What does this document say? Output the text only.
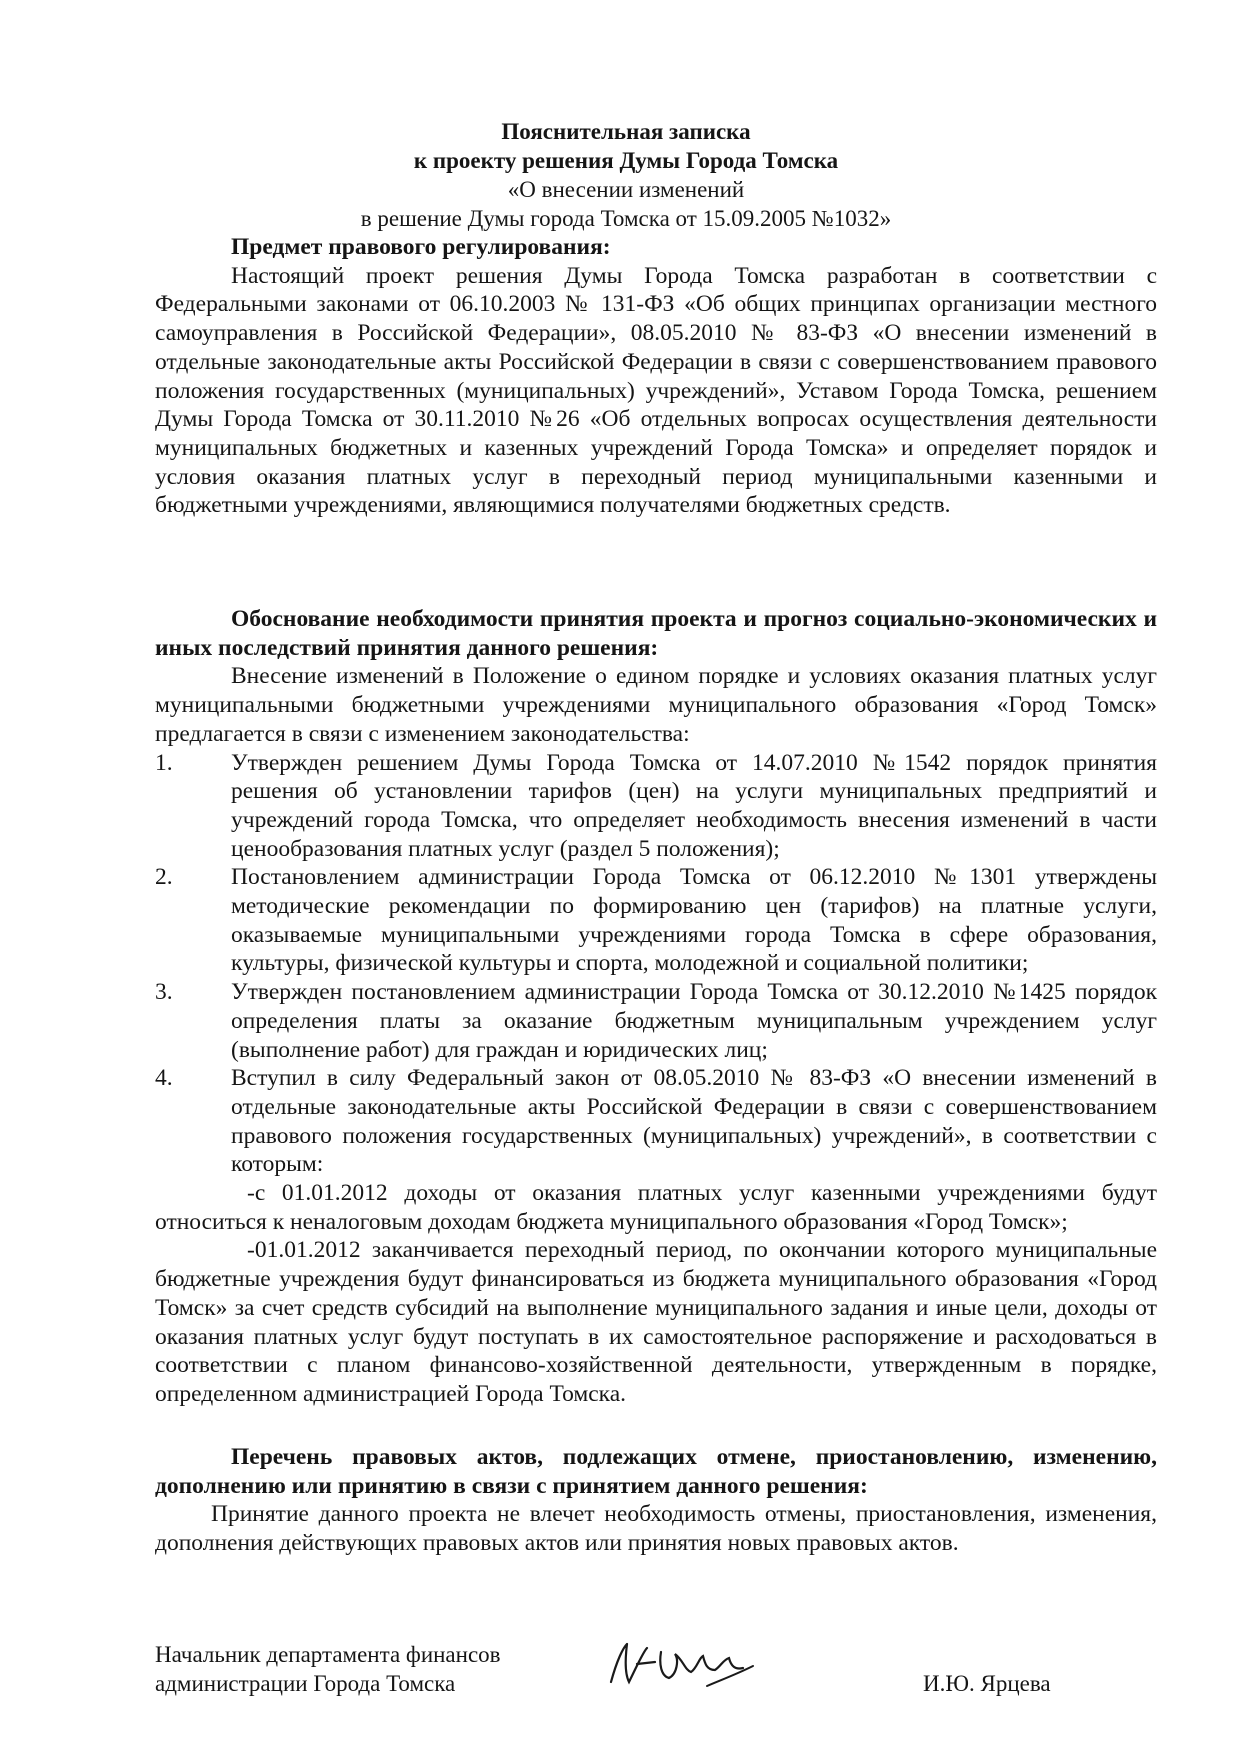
Пояснительная записка
к проекту решения Думы Города Томска
«О внесении изменений
в решение Думы города Томска от 15.09.2005 №1032»
Предмет правового регулирования:
Настоящий проект решения Думы Города Томска разработан в соответствии с Федеральными законами от 06.10.2003 № 131-ФЗ «Об общих принципах организации местного самоуправления в Российской Федерации», 08.05.2010 № 83-ФЗ «О внесении изменений в отдельные законодательные акты Российской Федерации в связи с совершенствованием правового положения государственных (муниципальных) учреждений», Уставом Города Томска, решением Думы Города Томска от 30.11.2010 №26 «Об отдельных вопросах осуществления деятельности муниципальных бюджетных и казенных учреждений Города Томска» и определяет порядок и условия оказания платных услуг в переходный период муниципальными казенными и бюджетными учреждениями, являющимися получателями бюджетных средств.
Обоснование необходимости принятия проекта и прогноз социально-экономических и иных последствий принятия данного решения:
Внесение изменений в Положение о едином порядке и условиях оказания платных услуг муниципальными бюджетными учреждениями муниципального образования «Город Томск» предлагается в связи с изменением законодательства:
1.	Утвержден решением Думы Города Томска от 14.07.2010 №1542 порядок принятия решения об установлении тарифов (цен) на услуги муниципальных предприятий и учреждений города Томска, что определяет необходимость внесения изменений в части ценообразования платных услуг (раздел 5 положения);
2.	Постановлением администрации Города Томска от 06.12.2010 №1301 утверждены методические рекомендации по формированию цен (тарифов) на платные услуги, оказываемые муниципальными учреждениями города Томска в сфере образования, культуры, физической культуры и спорта, молодежной и социальной политики;
3.	Утвержден постановлением администрации Города Томска от 30.12.2010 №1425 порядок определения платы за оказание бюджетным муниципальным учреждением услуг (выполнение работ) для граждан и юридических лиц;
4.	Вступил в силу Федеральный закон от 08.05.2010 № 83-ФЗ «О внесении изменений в отдельные законодательные акты Российской Федерации в связи с совершенствованием правового положения государственных (муниципальных) учреждений», в соответствии с которым:
-с 01.01.2012 доходы от оказания платных услуг казенными учреждениями будут относиться к неналоговым доходам бюджета муниципального образования «Город Томск»;
-01.01.2012 заканчивается переходный период, по окончании которого муниципальные бюджетные учреждения будут финансироваться из бюджета муниципального образования «Город Томск» за счет средств субсидий на выполнение муниципального задания и иные цели, доходы от оказания платных услуг будут поступать в их самостоятельное распоряжение и расходоваться в соответствии с планом финансово-хозяйственной деятельности, утвержденным в порядке, определенном администрацией Города Томска.
Перечень правовых актов, подлежащих отмене, приостановлению, изменению, дополнению или принятию в связи с принятием данного решения:
Принятие данного проекта не влечет необходимость отмены, приостановления, изменения, дополнения действующих правовых актов или принятия новых правовых актов.
Начальник департамента финансов
администрации Города Томска	И.Ю. Ярцева
